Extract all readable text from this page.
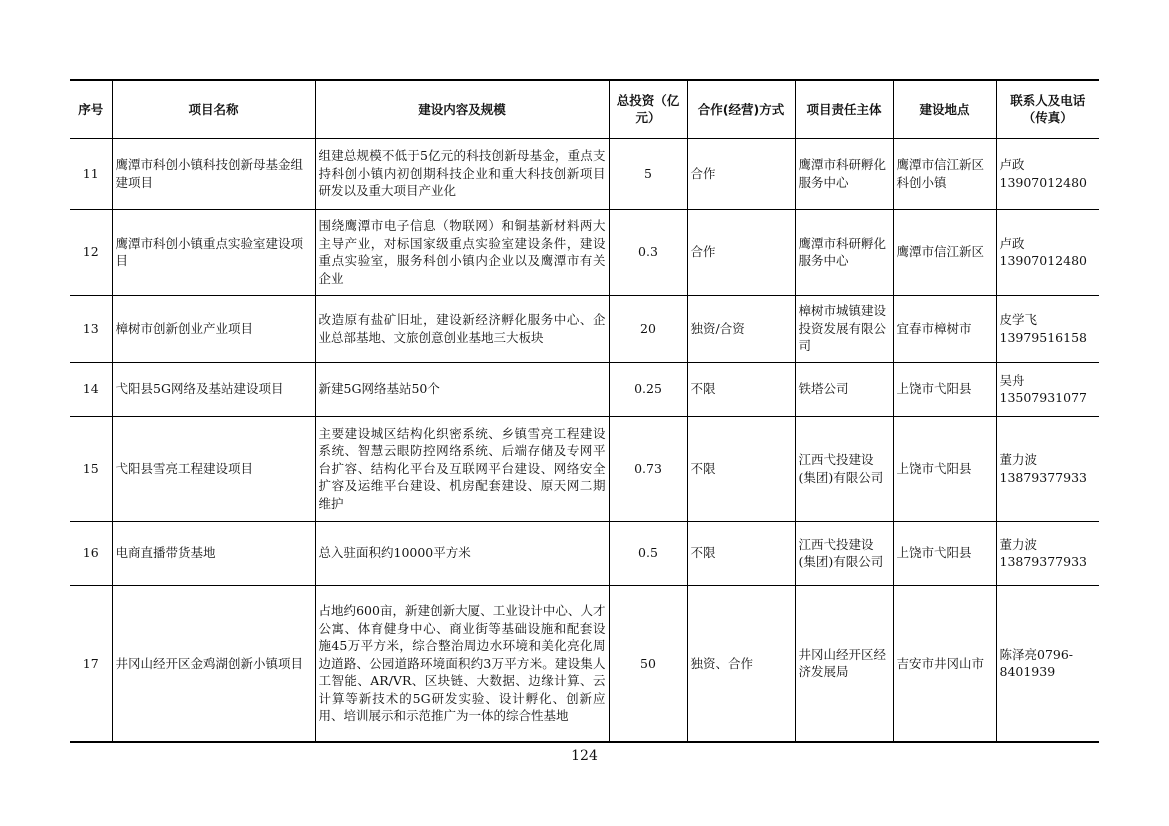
序号	项目名称	建设内容及规模	总投资（亿元）	合作(经营)方式	项目责任主体	建设地点	联系人及电话（传真）
11	鹰潭市科创小镇科技创新母基金组建项目	组建总规模不低于5亿元的科技创新母基金，重点支持科创小镇内初创期科技企业和重大科技创新项目研发以及重大项目产业化	5	合作	鹰潭市科研孵化服务中心	鹰潭市信江新区科创小镇	卢政 13907012480
12	鹰潭市科创小镇重点实验室建设项目	围绕鹰潭市电子信息（物联网）和铜基新材料两大主导产业，对标国家级重点实验室建设条件，建设重点实验室，服务科创小镇内企业以及鹰潭市有关企业	0.3	合作	鹰潭市科研孵化服务中心	鹰潭市信江新区	卢政 13907012480
13	樟树市创新创业产业项目	改造原有盐矿旧址，建设新经济孵化服务中心、企业总部基地、文旅创意创业基地三大板块	20	独资/合资	樟树市城镇建设投资发展有限公司	宜春市樟树市	皮学飞 13979516158
14	弋阳县5G网络及基站建设项目	新建5G网络基站50个	0.25	不限	铁塔公司	上饶市弋阳县	吴舟 13507931077
15	弋阳县雪亮工程建设项目	主要建设城区结构化织密系统、乡镇雪亮工程建设系统、智慧云眼防控网络系统、后端存储及专网平台扩容、结构化平台及互联网平台建设、网络安全扩容及运维平台建设、机房配套建设、原天网二期维护	0.73	不限	江西弋投建设(集团)有限公司	上饶市弋阳县	董力波 13879377933
16	电商直播带货基地	总入驻面积约10000平方米	0.5	不限	江西弋投建设(集团)有限公司	上饶市弋阳县	董力波 13879377933
17	井冈山经开区金鸡湖创新小镇项目	占地约600亩，新建创新大厦、工业设计中心、人才公寓、体育健身中心、商业街等基础设施和配套设施45万平方米，综合整治周边水环境和美化亮化周边道路、公园道路环境面积约3万平方米。建设集人工智能、AR/VR、区块链、大数据、边缘计算、云计算等新技术的5G研发实验、设计孵化、创新应用、培训展示和示范推广为一体的综合性基地	50	独资、合作	井冈山经开区经济发展局	吉安市井冈山市	陈泽亮0796-8401939
124
